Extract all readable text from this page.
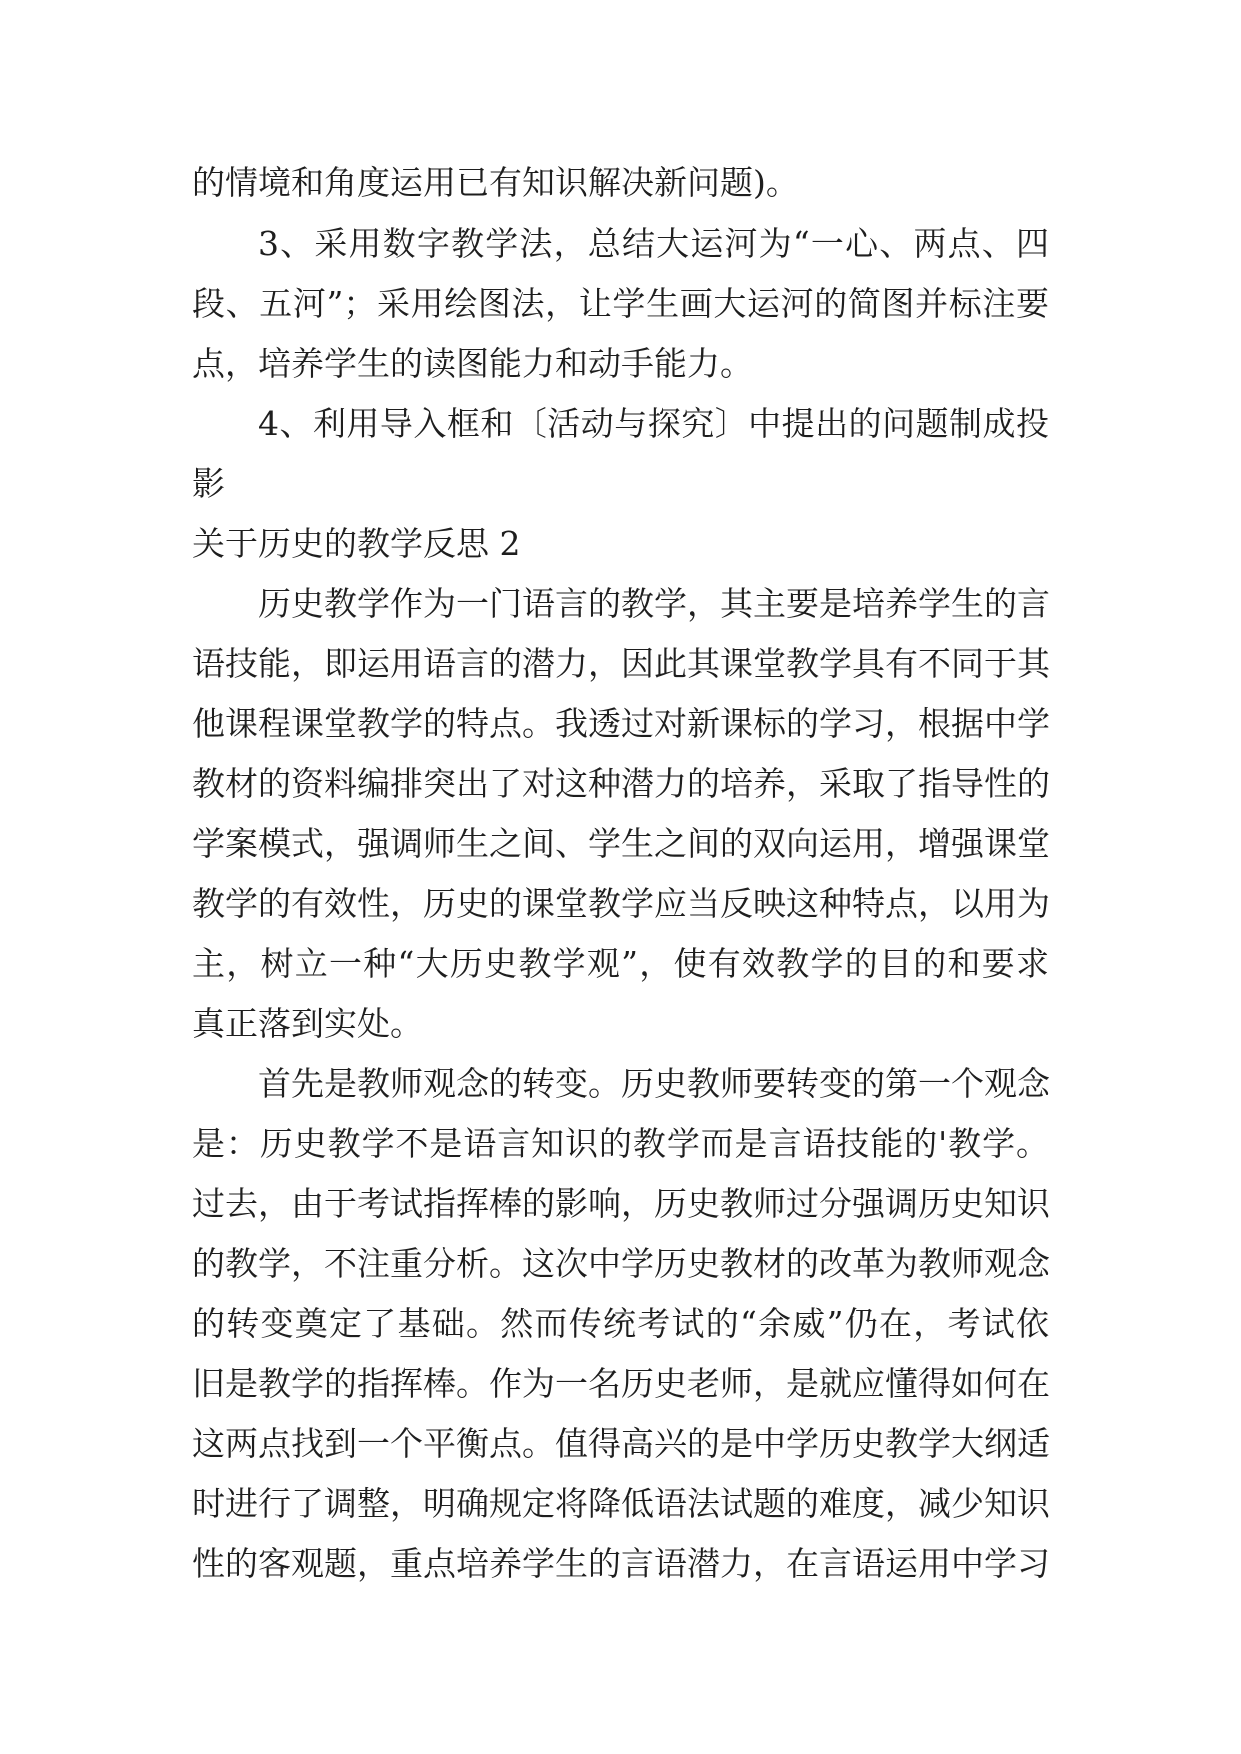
的情境和角度运用已有知识解决新问题)。

3、采用数字教学法，总结大运河为“一心、两点、四

段、五河”；采用绘图法，让学生画大运河的简图并标注要

点，培养学生的读图能力和动手能力。

4、利用导入框和〔活动与探究〕中提出的问题制成投

影

关于历史的教学反思 2

历史教学作为一门语言的教学，其主要是培养学生的言

语技能，即运用语言的潜力，因此其课堂教学具有不同于其

他课程课堂教学的特点。我透过对新课标的学习，根据中学

教材的资料编排突出了对这种潜力的培养，采取了指导性的

学案模式，强调师生之间、学生之间的双向运用，增强课堂

教学的有效性，历史的课堂教学应当反映这种特点，以用为

主，树立一种“大历史教学观”，使有效教学的目的和要求

真正落到实处。

首先是教师观念的转变。历史教师要转变的第一个观念

是：历史教学不是语言知识的教学而是言语技能的'教学。

过去，由于考试指挥棒的影响，历史教师过分强调历史知识

的教学，不注重分析。这次中学历史教材的改革为教师观念

的转变奠定了基础。然而传统考试的“余威”仍在，考试依

旧是教学的指挥棒。作为一名历史老师，是就应懂得如何在

这两点找到一个平衡点。值得高兴的是中学历史教学大纲适

时进行了调整，明确规定将降低语法试题的难度，减少知识

性的客观题，重点培养学生的言语潜力，在言语运用中学习
